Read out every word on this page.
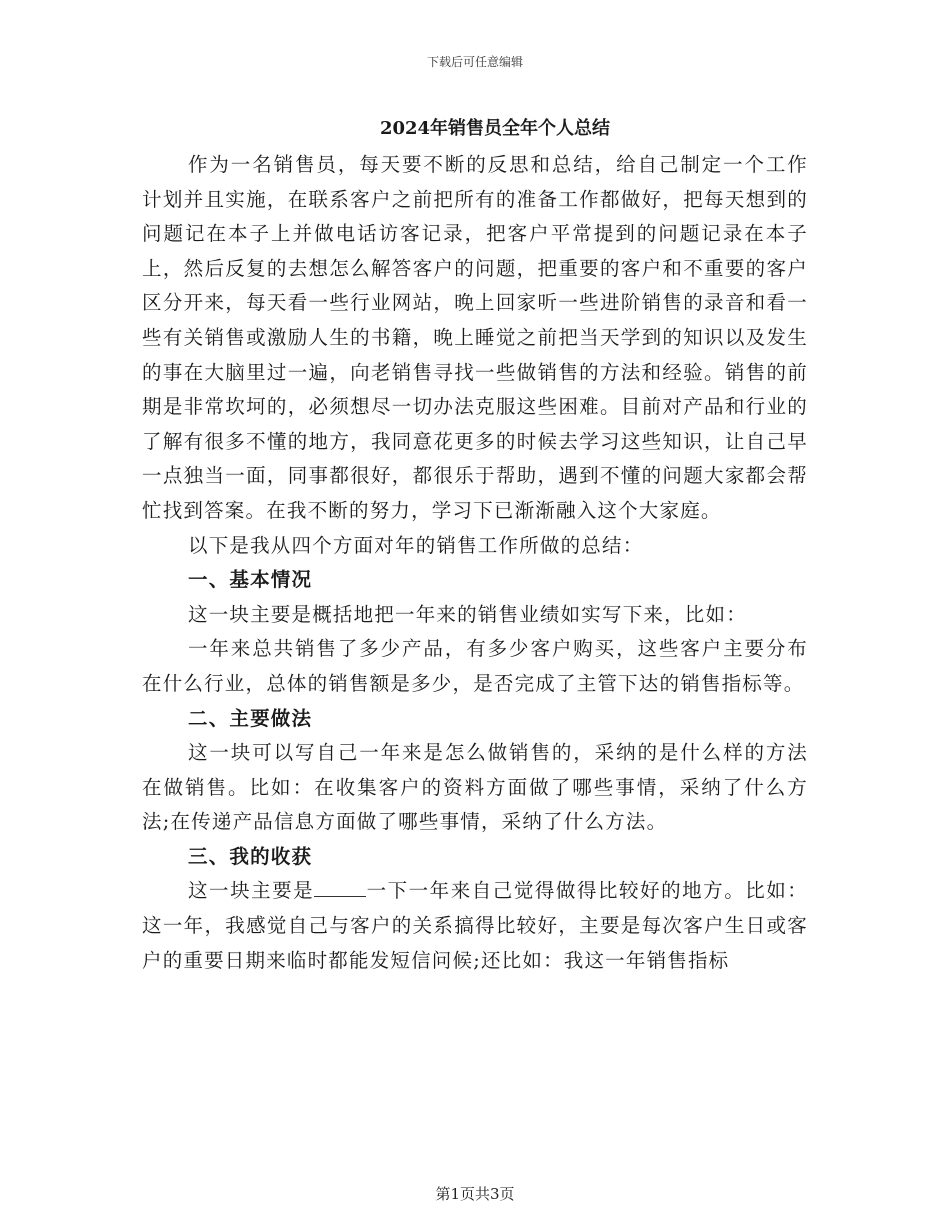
下载后可任意编辑
2024年销售员全年个人总结

作为一名销售员，每天要不断的反思和总结，给自己制定一个工作计划并且实施，在联系客户之前把所有的准备工作都做好，把每天想到的问题记在本子上并做电话访客记录，把客户平常提到的问题记录在本子上，然后反复的去想怎么解答客户的问题，把重要的客户和不重要的客户区分开来，每天看一些行业网站，晚上回家听一些进阶销售的录音和看一些有关销售或激励人生的书籍，晚上睡觉之前把当天学到的知识以及发生的事在大脑里过一遍，向老销售寻找一些做销售的方法和经验。销售的前期是非常坎坷的，必须想尽一切办法克服这些困难。目前对产品和行业的了解有很多不懂的地方，我同意花更多的时候去学习这些知识，让自己早一点独当一面，同事都很好，都很乐于帮助，遇到不懂的问题大家都会帮忙找到答案。在我不断的努力，学习下已渐渐融入这个大家庭。

以下是我从四个方面对年的销售工作所做的总结：

一、基本情况

这一块主要是概括地把一年来的销售业绩如实写下来，比如：

一年来总共销售了多少产品，有多少客户购买，这些客户主要分布在什么行业，总体的销售额是多少，是否完成了主管下达的销售指标等。

二、主要做法

这一块可以写自己一年来是怎么做销售的，采纳的是什么样的方法在做销售。比如：在收集客户的资料方面做了哪些事情，采纳了什么方法;在传递产品信息方面做了哪些事情，采纳了什么方法。

三、我的收获

这一块主要是	一下一年来自己觉得做得比较好的地方。比如：这一年，我感觉自己与客户的关系搞得比较好，主要是每次客户生日或客户的重要日期来临时都能发短信问候;还比如：我这一年销售指标

第1页共3页
